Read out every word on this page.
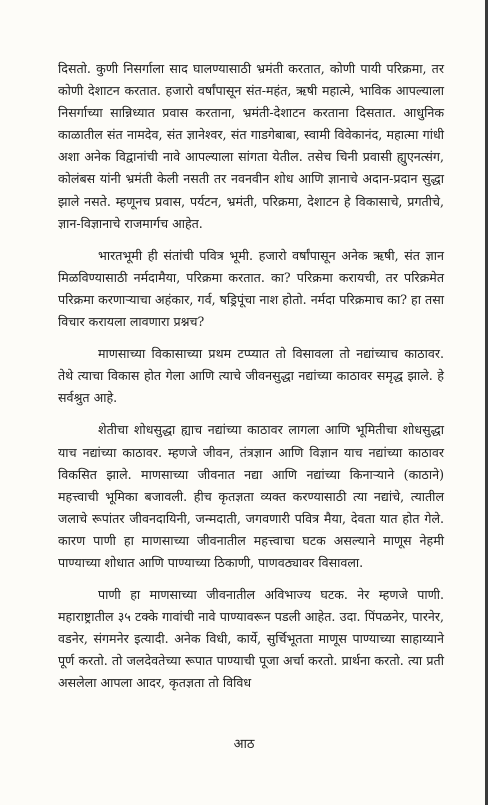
दिसतो. कुणी निसर्गाला साद घालण्यासाठी भ्रमंती करतात, कोणी पायी परिक्रमा, तर कोणी देशाटन करतात. हजारो वर्षांपासून संत-महंत, ऋषी महात्मे, भाविक आपल्याला निसर्गाच्या सान्निध्यात प्रवास करताना, भ्रमंती-देशाटन करताना दिसतात. आधुनिक काळातील संत नामदेव, संत ज्ञानेश्वर, संत गाडगेबाबा, स्वामी विवेकानंद, महात्मा गांधी अशा अनेक विद्वानांची नावे आपल्याला सांगता येतील. तसेच चिनी प्रवासी ह्युएनत्संग, कोलंबस यांनी भ्रमंती केली नसती तर नवनवीन शोध आणि ज्ञानाचे अदान-प्रदान सुद्धा झाले नसते. म्हणूनच प्रवास, पर्यटन, भ्रमंती, परिक्रमा, देशाटन हे विकासाचे, प्रगतीचे, ज्ञान-विज्ञानाचे राजमार्गच आहेत.

भारतभूमी ही संतांची पवित्र भूमी. हजारो वर्षांपासून अनेक ऋषी, संत ज्ञान मिळविण्यासाठी नर्मदामैया, परिक्रमा करतात. का? परिक्रमा करायची, तर परिक्रमेत परिक्रमा करणाऱ्याचा अहंकार, गर्व, षड्रिपूंचा नाश होतो. नर्मदा परिक्रमाच का? हा तसा विचार करायला लावणारा प्रश्नच?

माणसाच्या विकासाच्या प्रथम टप्प्यात तो विसावला तो नद्यांच्याच काठावर. तेथे त्याचा विकास होत गेला आणि त्याचे जीवनसुद्धा नद्यांच्या काठावर समृद्ध झाले. हे सर्वश्रुत आहे.

शेतीचा शोधसुद्धा ह्याच नद्यांच्या काठावर लागला आणि भूमितीचा शोधसुद्धा याच नद्यांच्या काठावर. म्हणजे जीवन, तंत्रज्ञान आणि विज्ञान याच नद्यांच्या काठावर विकसित झाले. माणसाच्या जीवनात नद्या आणि नद्यांच्या किनाऱ्याने (काठाने) महत्त्वाची भूमिका बजावली. हीच कृतज्ञता व्यक्त करण्यासाठी त्या नद्यांचे, त्यातील जलाचे रूपांतर जीवनदायिनी, जन्मदाती, जगवणारी पवित्र मैया, देवता यात होत गेले. कारण पाणी हा माणसाच्या जीवनातील महत्त्वाचा घटक असल्याने माणूस नेहमी पाण्याच्या शोधात आणि पाण्याच्या ठिकाणी, पाणवठ्यावर विसावला.

पाणी हा माणसाच्या जीवनातील अविभाज्य घटक. नेर म्हणजे पाणी. महाराष्ट्रातील ३५ टक्के गावांची नावे पाण्यावरून पडली आहेत. उदा. पिंपळनेर, पारनेर, वडनेर, संगमनेर इत्यादी. अनेक विधी, कार्ये, सुर्चिभूतता माणूस पाण्याच्या साहाय्याने पूर्ण करतो. तो जलदेवतेच्या रूपात पाण्याची पूजा अर्चा करतो. प्रार्थना करतो. त्या प्रती असलेला आपला आदर, कृतज्ञता तो विविध

आठ
